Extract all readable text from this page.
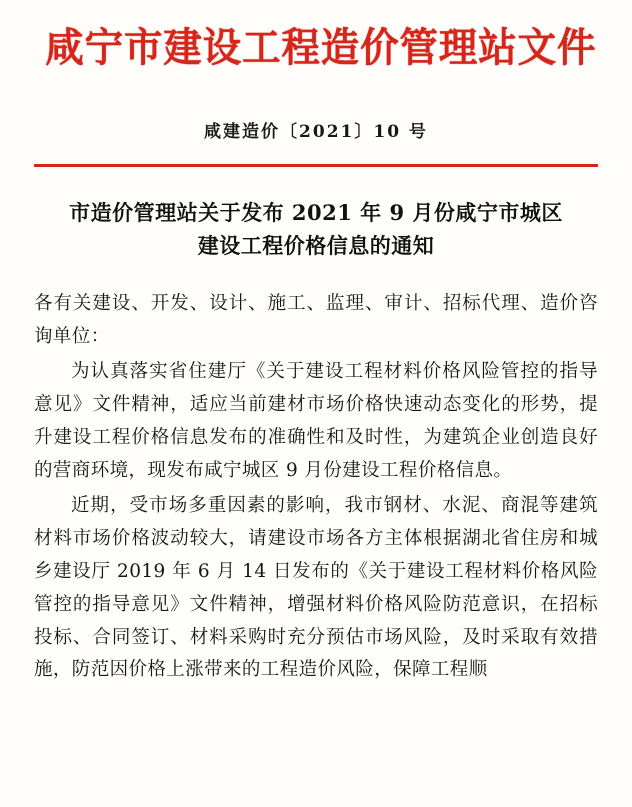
咸宁市建设工程造价管理站文件
咸建造价〔2021〕10 号
市造价管理站关于发布 2021 年 9 月份咸宁市城区
建设工程价格信息的通知

各有关建设、开发、设计、施工、监理、审计、招标代理、造价咨询单位：

为认真落实省住建厅《关于建设工程材料价格风险管控的指导意见》文件精神，适应当前建材市场价格快速动态变化的形势，提升建设工程价格信息发布的准确性和及时性，为建筑企业创造良好的营商环境，现发布咸宁城区 9 月份建设工程价格信息。

近期，受市场多重因素的影响，我市钢材、水泥、商混等建筑材料市场价格波动较大，请建设市场各方主体根据湖北省住房和城乡建设厅 2019 年 6 月 14 日发布的《关于建设工程材料价格风险管控的指导意见》文件精神，增强材料价格风险防范意识，在招标投标、合同签订、材料采购时充分预估市场风险，及时采取有效措施，防范因价格上涨带来的工程造价风险，保障工程顺
